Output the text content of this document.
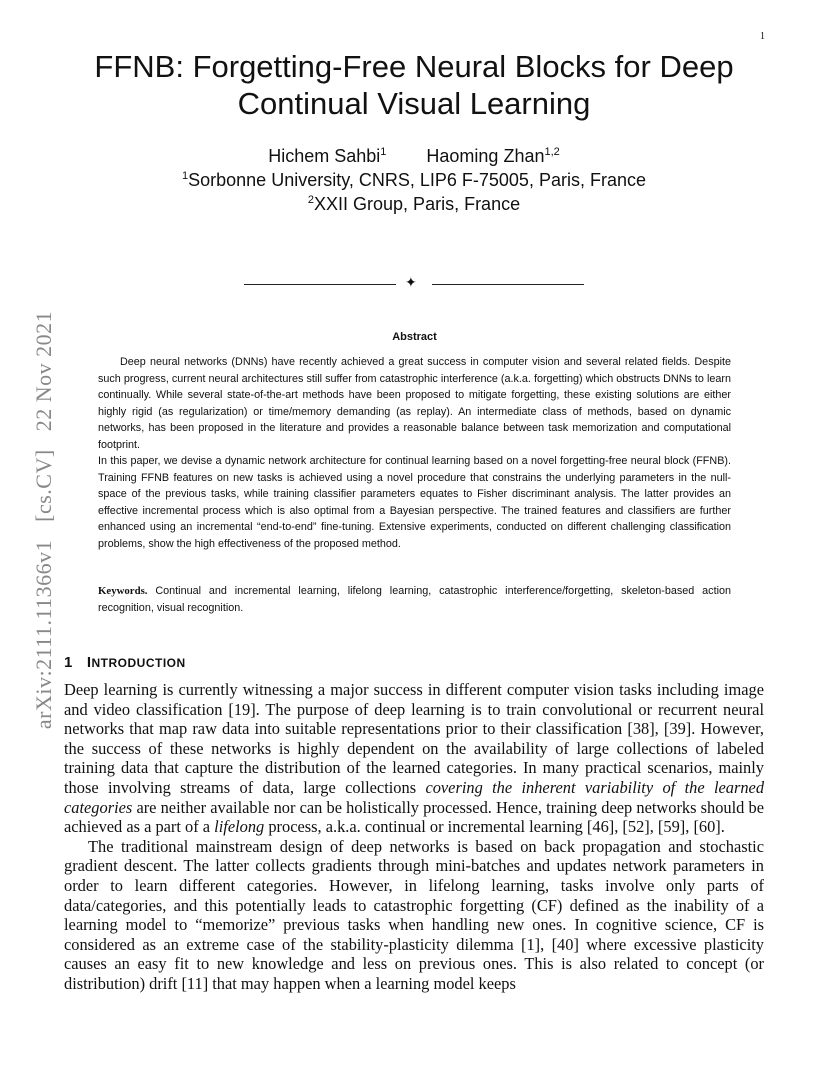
1
arXiv:2111.11366v1
[cs.CV]
22 Nov 2021
FFNB: Forgetting-Free Neural Blocks for Deep
Continual Visual Learning
Hichem Sahbi$^1$ Haoming Zhan$^{1,2}$
$^1$Sorbonne University, CNRS, LIP6 F-75005, Paris, France
$^2$XXII Group, Paris, France
✦
Abstract

Deep neural networks (DNNs) have recently achieved a great success in computer vision and several related fields. Despite such progress, current neural architectures still suffer from catastrophic interference (a.k.a. forgetting) which obstructs DNNs to learn continually. While several state-of-the-art methods have been proposed to mitigate forgetting, these existing solutions are either highly rigid (as regularization) or time/memory demanding (as replay). An intermediate class of methods, based on dynamic networks, has been proposed in the literature and provides a reasonable balance between task memorization and computational footprint.

In this paper, we devise a dynamic network architecture for continual learning based on a novel forgetting-free neural block (FFNB). Training FFNB features on new tasks is achieved using a novel procedure that constrains the underlying parameters in the null-space of the previous tasks, while training classifier parameters equates to Fisher discriminant analysis. The latter provides an effective incremental process which is also optimal from a Bayesian perspective. The trained features and classifiers are further enhanced using an incremental “end-to-end” fine-tuning. Extensive experiments, conducted on different challenging classification problems, show the high effectiveness of the proposed method.

Keywords. Continual and incremental learning, lifelong learning, catastrophic interference/forgetting, skeleton-based action recognition, visual recognition.
1 INTRODUCTION

Deep learning is currently witnessing a major success in different computer vision tasks including image and video classification [19]. The purpose of deep learning is to train convolutional or recurrent neural networks that map raw data into suitable representations prior to their classification [38], [39]. However, the success of these networks is highly dependent on the availability of large collections of labeled training data that capture the distribution of the learned categories. In many practical scenarios, mainly those involving streams of data, large collections covering the inherent variability of the learned categories are neither available nor can be holistically processed. Hence, training deep networks should be achieved as a part of a lifelong process, a.k.a. continual or incremental learning [46], [52], [59], [60].

The traditional mainstream design of deep networks is based on back propagation and stochastic gradient descent. The latter collects gradients through mini-batches and updates network parameters in order to learn different categories. However, in lifelong learning, tasks involve only parts of data/categories, and this potentially leads to catastrophic forgetting (CF) defined as the inability of a learning model to “memorize” previous tasks when handling new ones. In cognitive science, CF is considered as an extreme case of the stability-plasticity dilemma [1], [40] where excessive plasticity causes an easy fit to new knowledge and less on previous ones. This is also related to concept (or distribution) drift [11] that may happen when a learning model keeps
